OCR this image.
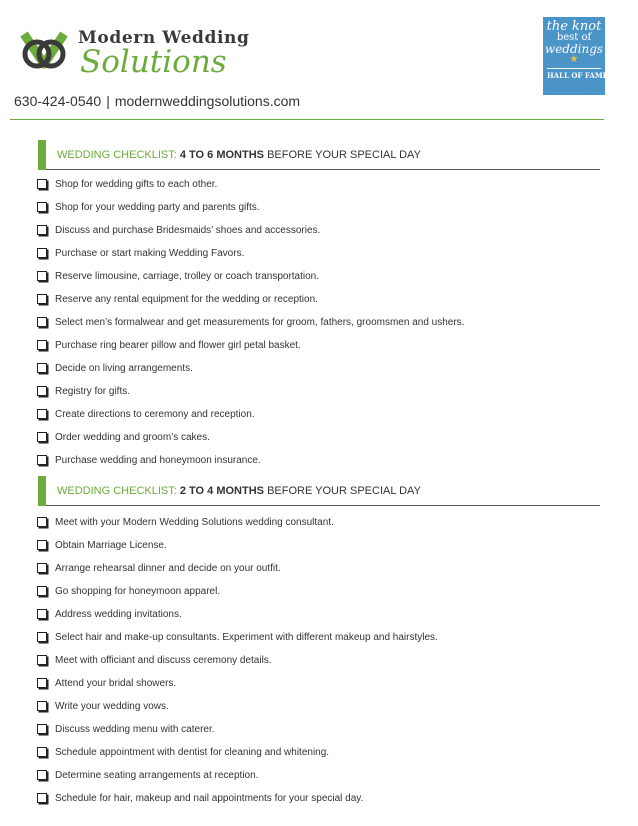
Modern Wedding
Solutions
the knot
best of
weddings
★
HALL OF FAME
630-424-0540 | modernweddingsolutions.com
WEDDING CHECKLIST: 4 TO 6 MONTHS BEFORE YOUR SPECIAL DAY
Shop for wedding gifts to each other.
Shop for your wedding party and parents gifts.
Discuss and purchase Bridesmaids’ shoes and accessories.
Purchase or start making Wedding Favors.
Reserve limousine, carriage, trolley or coach transportation.
Reserve any rental equipment for the wedding or reception.
Select men’s formalwear and get measurements for groom, fathers, groomsmen and ushers.
Purchase ring bearer pillow and flower girl petal basket.
Decide on living arrangements.
Registry for gifts.
Create directions to ceremony and reception.
Order wedding and groom’s cakes.
Purchase wedding and honeymoon insurance.
WEDDING CHECKLIST: 2 TO 4 MONTHS BEFORE YOUR SPECIAL DAY
Meet with your Modern Wedding Solutions wedding consultant.
Obtain Marriage License.
Arrange rehearsal dinner and decide on your outfit.
Go shopping for honeymoon apparel.
Address wedding invitations.
Select hair and make-up consultants. Experiment with different makeup and hairstyles.
Meet with officiant and discuss ceremony details.
Attend your bridal showers.
Write your wedding vows.
Discuss wedding menu with caterer.
Schedule appointment with dentist for cleaning and whitening.
Determine seating arrangements at reception.
Schedule for hair, makeup and nail appointments for your special day.
